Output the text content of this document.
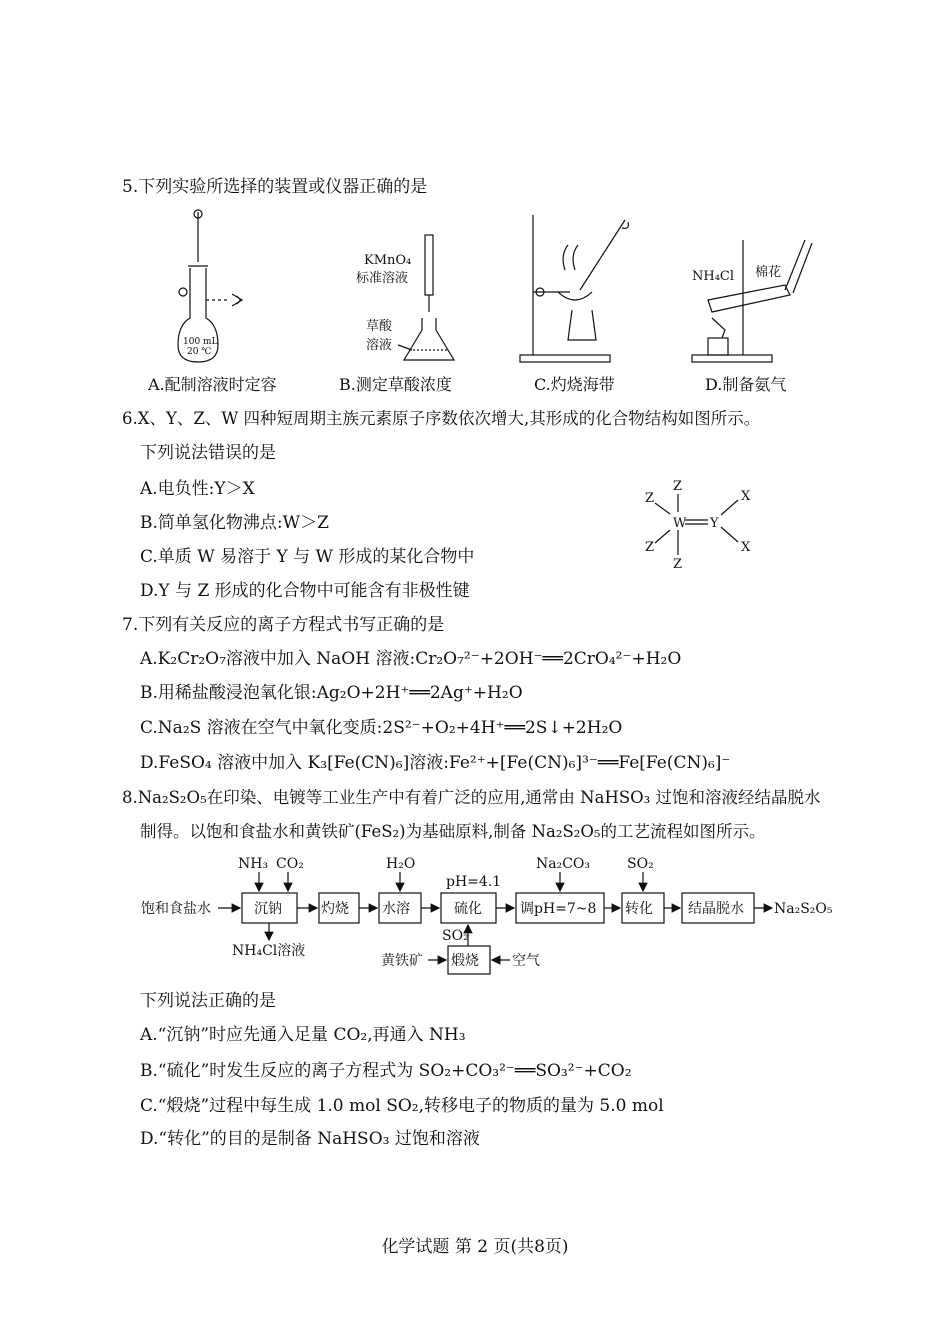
5.下列实验所选择的装置或仪器正确的是
100 mL
20 ℃
KMnO₄
标准溶液
草酸
溶液
NH₄Cl 棉花
A.配制溶液时定容	B.测定草酸浓度	C.灼烧海带	D.制备氨气
6.X、Y、Z、W 四种短周期主族元素原子序数依次增大,其形成的化合物结构如图所示。
下列说法错误的是
A.电负性:Y＞X
B.简单氢化物沸点:W＞Z
C.单质 W 易溶于 Y 与 W 形成的某化合物中
D.Y 与 Z 形成的化合物中可能含有非极性键
Z
Z
W Y
X
X
Z
Z
7.下列有关反应的离子方程式书写正确的是
A.K₂Cr₂O₇溶液中加入 NaOH 溶液:Cr₂O₇²⁻+2OH⁻══2CrO₄²⁻+H₂O
B.用稀盐酸浸泡氧化银:Ag₂O+2H⁺══2Ag⁺+H₂O
C.Na₂S 溶液在空气中氧化变质:2S²⁻+O₂+4H⁺══2S↓+2H₂O
D.FeSO₄ 溶液中加入 K₃[Fe(CN)₆]溶液:Fe²⁺+[Fe(CN)₆]³⁻══Fe[Fe(CN)₆]⁻
8.Na₂S₂O₅在印染、电镀等工业生产中有着广泛的应用,通常由 NaHSO₃ 过饱和溶液经结晶脱水
制得。以饱和食盐水和黄铁矿(FeS₂)为基础原料,制备 Na₂S₂O₅的工艺流程如图所示。
饱和食盐水	沉钠	灼烧 水溶	硫化	调pH=7~8 转化	结晶脱水 Na₂S₂O₅
NH₃ CO₂	H₂O
pH=4.1
Na₂CO₃	SO₂
NH₄Cl溶液
SO₂
煅烧
黄铁矿	空气
下列说法正确的是
A.“沉钠”时应先通入足量 CO₂,再通入 NH₃
B.“硫化”时发生反应的离子方程式为 SO₂+CO₃²⁻══SO₃²⁻+CO₂
C.“煅烧”过程中每生成 1.0 mol SO₂,转移电子的物质的量为 5.0 mol
D.“转化”的目的是制备 NaHSO₃ 过饱和溶液
化学试题 第 2 页(共8页)
